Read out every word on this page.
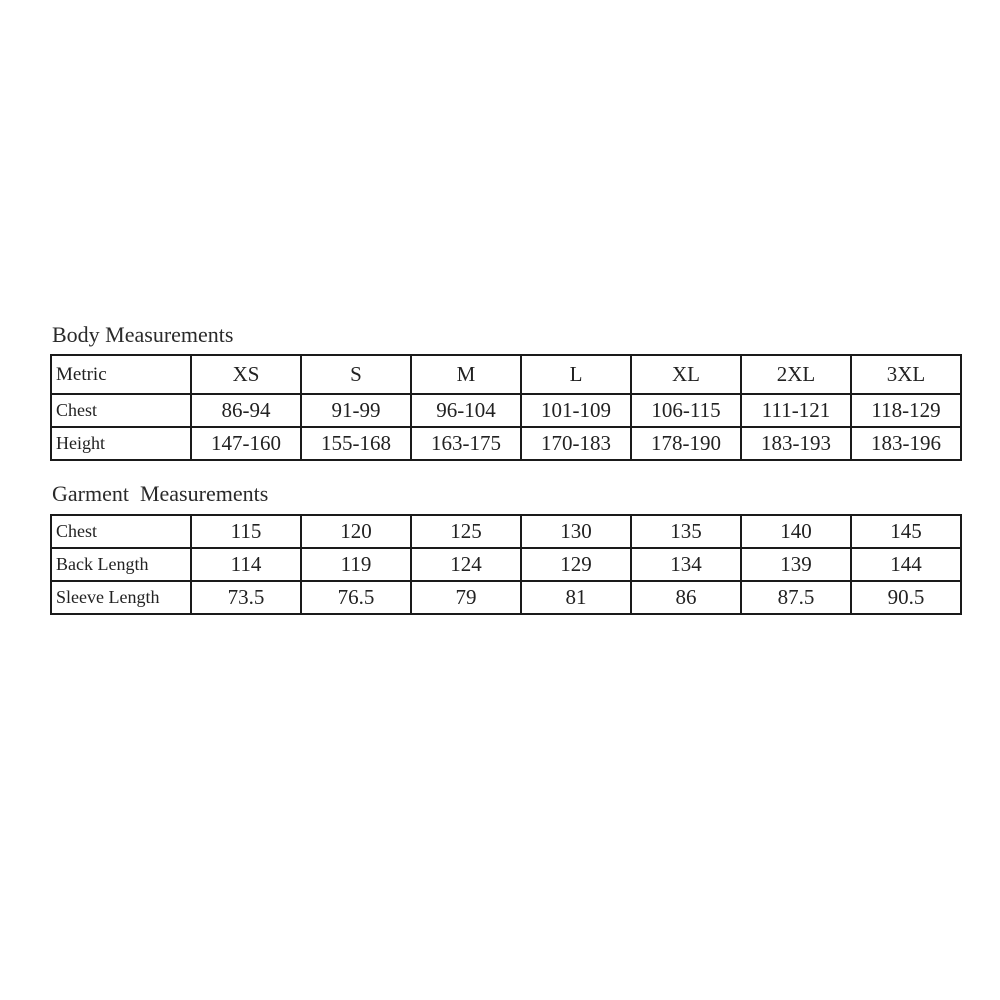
Body Measurements
Metric	XS	S	M	L	XL	2XL	3XL
Chest	86-94	91-99	96-104	101-109	106-115	111-121	118-129
Height	147-160	155-168	163-175	170-183	178-190	183-193	183-196
Garment  Measurements
Chest	115	120	125	130	135	140	145
Back Length	114	119	124	129	134	139	144
Sleeve Length	73.5	76.5	79	81	86	87.5	90.5
